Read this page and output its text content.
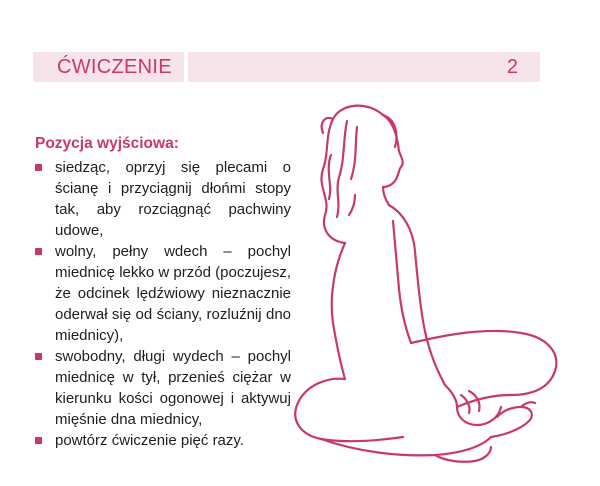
ĆWICZENIE	2
Pozycja wyjściowa:
siedząc, oprzyj się plecami o ścianę i przyciągnij dłońmi stopy tak, aby rozciągnąć pachwiny udowe,
wolny, pełny wdech – pochyl miednicę lekko w przód (poczujesz, że odcinek lędźwiowy nieznacznie oderwał się od ściany, rozluźnij dno miednicy),
swobodny, długi wydech – pochyl miednicę w tył, przenieś ciężar w kierunku kości ogonowej i aktywuj mięśnie dna miednicy,
powtórz ćwiczenie pięć razy.
